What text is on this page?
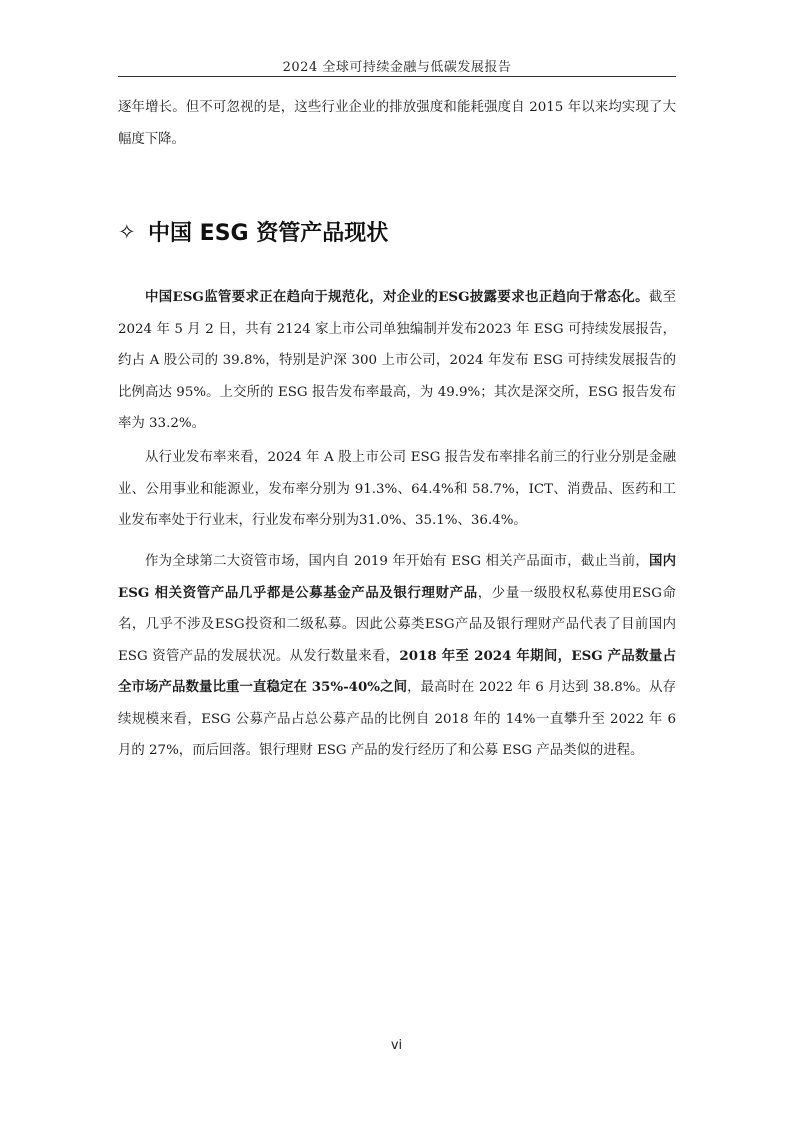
2024 全球可持续金融与低碳发展报告

逐年增长。但不可忽视的是，这些行业企业的排放强度和能耗强度自 2015 年以来均实现了大幅度下降。

✧ 中国 ESG 资管产品现状

中国ESG监管要求正在趋向于规范化，对企业的ESG披露要求也正趋向于常态化。截至 2024 年 5 月 2 日，共有 2124 家上市公司单独编制并发布2023 年 ESG 可持续发展报告，约占 A 股公司的 39.8%，特别是沪深 300 上市公司，2024 年发布 ESG 可持续发展报告的比例高达 95%。上交所的 ESG 报告发布率最高，为 49.9%；其次是深交所，ESG 报告发布率为 33.2%。

从行业发布率来看，2024 年 A 股上市公司 ESG 报告发布率排名前三的行业分别是金融业、公用事业和能源业，发布率分别为 91.3%、64.4%和 58.7%，ICT、消费品、医药和工业发布率处于行业末，行业发布率分别为31.0%、35.1%、36.4%。

作为全球第二大资管市场，国内自 2019 年开始有 ESG 相关产品面市，截止当前，国内 ESG 相关资管产品几乎都是公募基金产品及银行理财产品，少量一级股权私募使用ESG命名，几乎不涉及ESG投资和二级私募。因此公募类ESG产品及银行理财产品代表了目前国内 ESG 资管产品的发展状况。从发行数量来看，2018 年至 2024 年期间，ESG 产品数量占全市场产品数量比重一直稳定在 35%-40%之间，最高时在 2022 年 6 月达到 38.8%。从存续规模来看，ESG 公募产品占总公募产品的比例自 2018 年的 14%一直攀升至 2022 年 6 月的 27%，而后回落。银行理财 ESG 产品的发行经历了和公募 ESG 产品类似的进程。

vi
